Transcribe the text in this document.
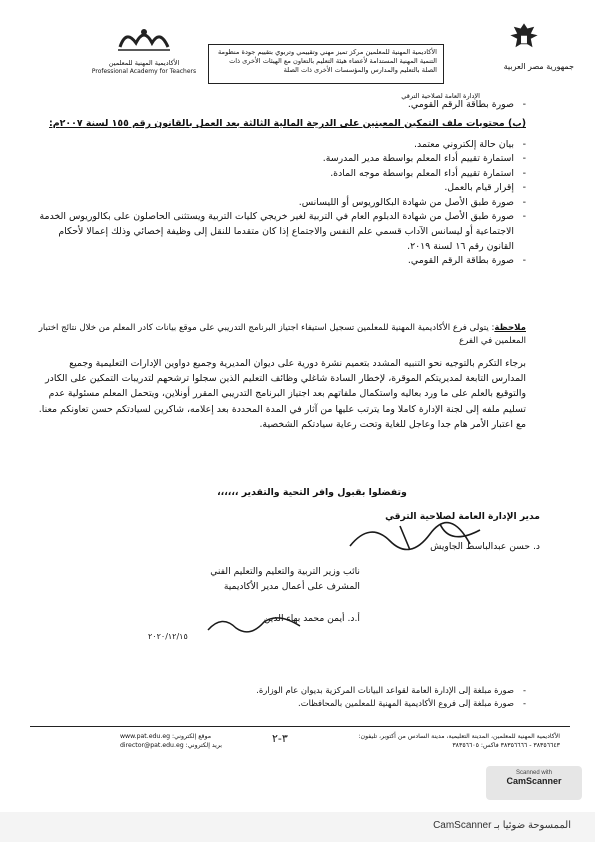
جمهورية مصر العربية
الأكاديمية المهنية للمعلمين مركز تميز مهني وتقييمي وتربوي بتقييم جودة منظومة التنمية المهنية المستدامة لأعضاء هيئة التعليم بالتعاون مع الهيئات الأخرى ذات الصلة بالتعليم والمدارس والمؤسسات الأخرى ذات الصلة
الأكاديمية المهنية للمعلمين
Professional Academy for Teachers
الإدارة العامة لصلاحية الترقي

-
صورة بطاقة الرقم القومي.

(ب) محتويات ملف التمكين المعينين على الدرجة المالية الثالثة بعد العمل بالقانون رقم ١٥٥ لسنة ٢٠٠٧م:

-
بيان حالة إلكتروني معتمد.

-
استمارة تقييم أداء المعلم بواسطة مدير المدرسة.

-
استمارة تقييم أداء المعلم بواسطة موجه المادة.

-
إقرار قيام بالعمل.

-
صورة طبق الأصل من شهادة البكالوريوس أو الليسانس.

-
صورة طبق الأصل من شهادة الدبلوم العام في التربية لغير خريجي كليات التربية ويستثنى الحاصلون على بكالوريوس الخدمة الاجتماعية أو ليسانس الآداب قسمي علم النفس والاجتماع إذا كان متقدما للنقل إلى وظيفة إخصائي وذلك إعمالا لأحكام القانون رقم ١٦ لسنة ٢٠١٩.

-
صورة بطاقة الرقم القومي.

ملاحظة: يتولى فرع الأكاديمية المهنية للمعلمين تسجيل استيفاء اجتياز البرنامج التدريبي على موقع بيانات كادر المعلم من خلال نتائج اختبار المعلمين في الفرع
برجاء التكرم بالتوجيه نحو التنبيه المشدد بتعميم نشرة دورية على ديوان المديرية وجميع دواوين الإدارات التعليمية وجميع المدارس التابعة لمديريتكم الموقرة، لإخطار السادة شاغلي وظائف التعليم الذين سجلوا ترشحهم لتدريبات التمكين على الكادر والتوقيع بالعلم على ما ورد بعاليه واستكمال ملفاتهم بعد اجتياز البرنامج التدريبي المقرر أونلاين، ويتحمل المعلم مسئولية عدم تسليم ملفه إلى لجنة الإدارة كاملا وما يترتب عليها من آثار في المدة المحددة بعد إعلامه، شاكرين لسيادتكم حسن تعاونكم معنا. مع اعتبار الأمر هام جدا وعاجل للغاية وتحت رعاية سيادتكم الشخصية.
وتفضلوا بقبول وافر التحية والتقدير ،،،،،،
مدير الإدارة العامة لصلاحية الترقي
د. حسن عبدالباسط الجاويش
نائب وزير التربية والتعليم والتعليم الفني
المشرف على أعمال مدير الأكاديمية
أ.د. أيمن محمد بهاء الدين
٢٠٢٠/١٢/١٥

-
صورة مبلغة إلى الإدارة العامة لقواعد البيانات المركزية بديوان عام الوزارة.

-
صورة مبلغة إلى فروع الأكاديمية المهنية للمعلمين بالمحافظات.

الأكاديمية المهنية للمعلمين، المدينة التعليمية، مدينة السادس من أكتوبر، تليفون: ٣٨٣٥٦٦٤٣ - ٣٨٣٥٦٦٦٦ فاكس: ٣٨٣٥٦٦٠٥
٣-٢
www.pat.edu.eg موقع إلكتروني:
director@pat.edu.eg بريد إلكتروني:
Scanned with
CamScanner
الممسوحة ضوئيا بـ CamScanner
